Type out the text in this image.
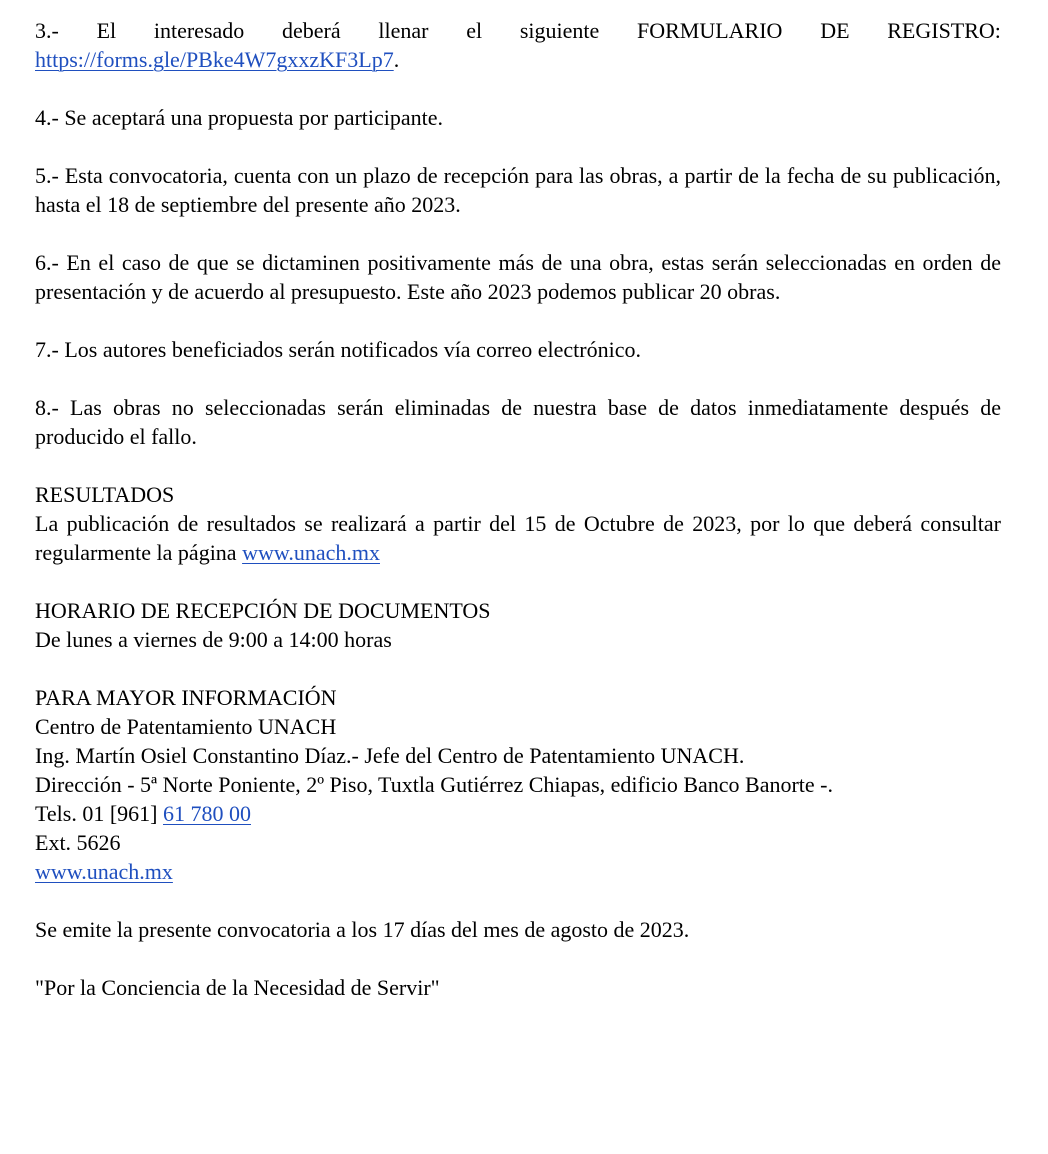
3.- El interesado deberá llenar el siguiente FORMULARIO DE REGISTRO:
https://forms.gle/PBke4W7gxxzKF3Lp7.
4.- Se aceptará una propuesta por participante.
5.- Esta convocatoria, cuenta con un plazo de recepción para las obras, a partir de la fecha de su publicación, hasta el 18 de septiembre del presente año 2023.
6.- En el caso de que se dictaminen positivamente más de una obra, estas serán seleccionadas en orden de presentación y de acuerdo al presupuesto. Este año 2023 podemos publicar 20 obras.
7.- Los autores beneficiados serán notificados vía correo electrónico.
8.- Las obras no seleccionadas serán eliminadas de nuestra base de datos inmediatamente después de producido el fallo.
RESULTADOS
La publicación de resultados se realizará a partir del 15 de Octubre de 2023, por lo que deberá consultar regularmente la página www.unach.mx
HORARIO DE RECEPCIÓN DE DOCUMENTOS
De lunes a viernes de 9:00 a 14:00 horas
PARA MAYOR INFORMACIÓN
Centro de Patentamiento UNACH
Ing. Martín Osiel Constantino Díaz.- Jefe del Centro de Patentamiento UNACH.
Dirección - 5ª Norte Poniente, 2º Piso, Tuxtla Gutiérrez Chiapas, edificio Banco Banorte -.
Tels. 01 [961] 61 780 00
Ext. 5626
www.unach.mx
Se emite la presente convocatoria a los 17 días del mes de agosto de 2023.
"Por la Conciencia de la Necesidad de Servir"
